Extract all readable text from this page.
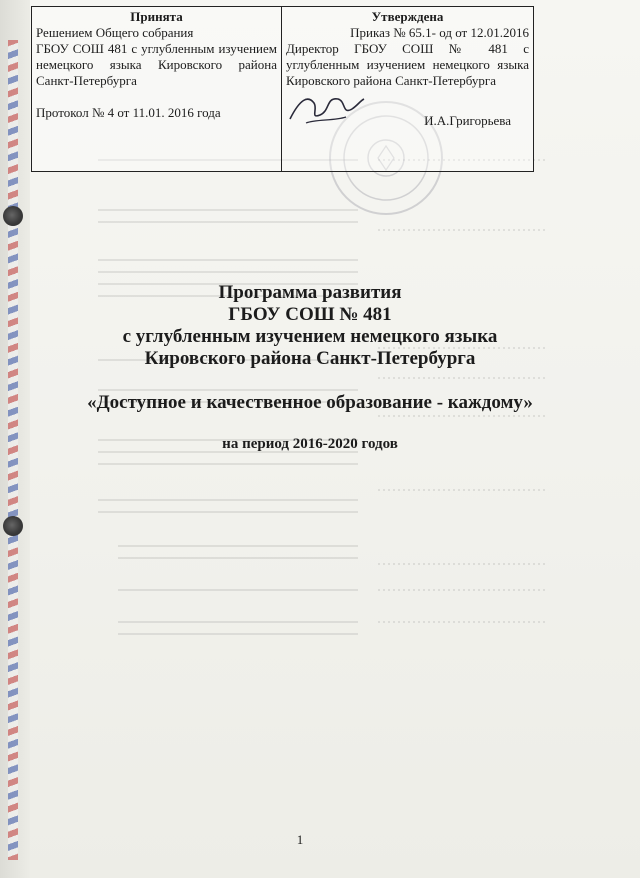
Принята
Решением Общего собрания
ГБОУ СОШ 481 с углубленным изучением немецкого языка Кировского района Санкт-Петербурга
Протокол № 4 от 11.01. 2016 года
Утверждена
Приказ № 65.1- од от 12.01.2016
Директор ГБОУ СОШ № 481 с углубленным изучением немецкого языка Кировского района Санкт-Петербурга
И.А.Григорьева
Программа развития
ГБОУ СОШ № 481
с углубленным изучением немецкого языка
Кировского района Санкт-Петербурга
«Доступное и качественное образование - каждому»
на период 2016-2020 годов
1
